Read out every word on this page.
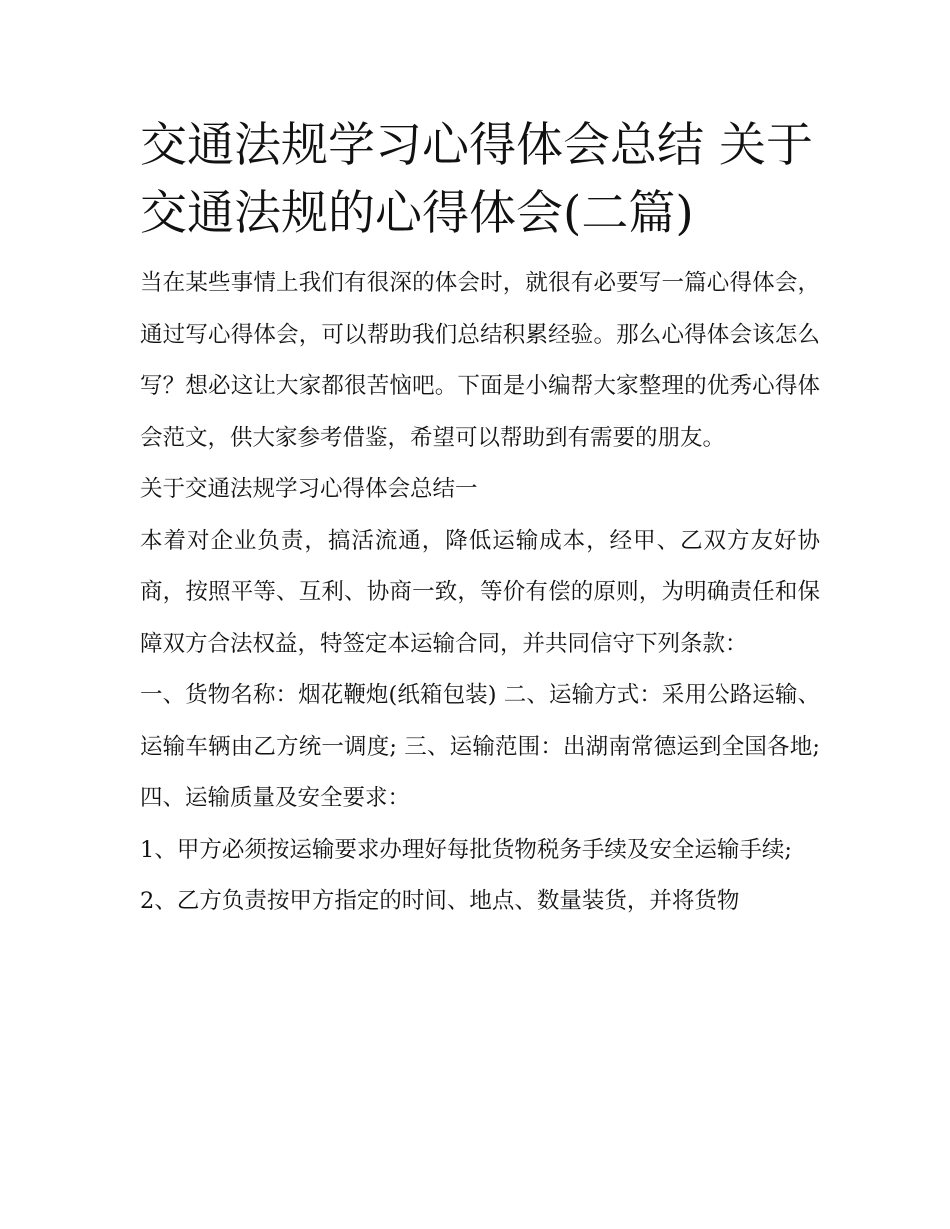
交通法规学习心得体会总结 关于交通法规的心得体会(二篇)

当在某些事情上我们有很深的体会时，就很有必要写一篇心得体会，通过写心得体会，可以帮助我们总结积累经验。那么心得体会该怎么写？想必这让大家都很苦恼吧。下面是小编帮大家整理的优秀心得体会范文，供大家参考借鉴，希望可以帮助到有需要的朋友。

关于交通法规学习心得体会总结一

本着对企业负责，搞活流通，降低运输成本，经甲、乙双方友好协商，按照平等、互利、协商一致，等价有偿的原则，为明确责任和保障双方合法权益，特签定本运输合同，并共同信守下列条款：

一、货物名称：烟花鞭炮(纸箱包装) 二、运输方式：采用公路运输、运输车辆由乙方统一调度; 三、运输范围：出湖南常德运到全国各地; 四、运输质量及安全要求：

1、甲方必须按运输要求办理好每批货物税务手续及安全运输手续;

2、乙方负责按甲方指定的时间、地点、数量装货，并将货物
